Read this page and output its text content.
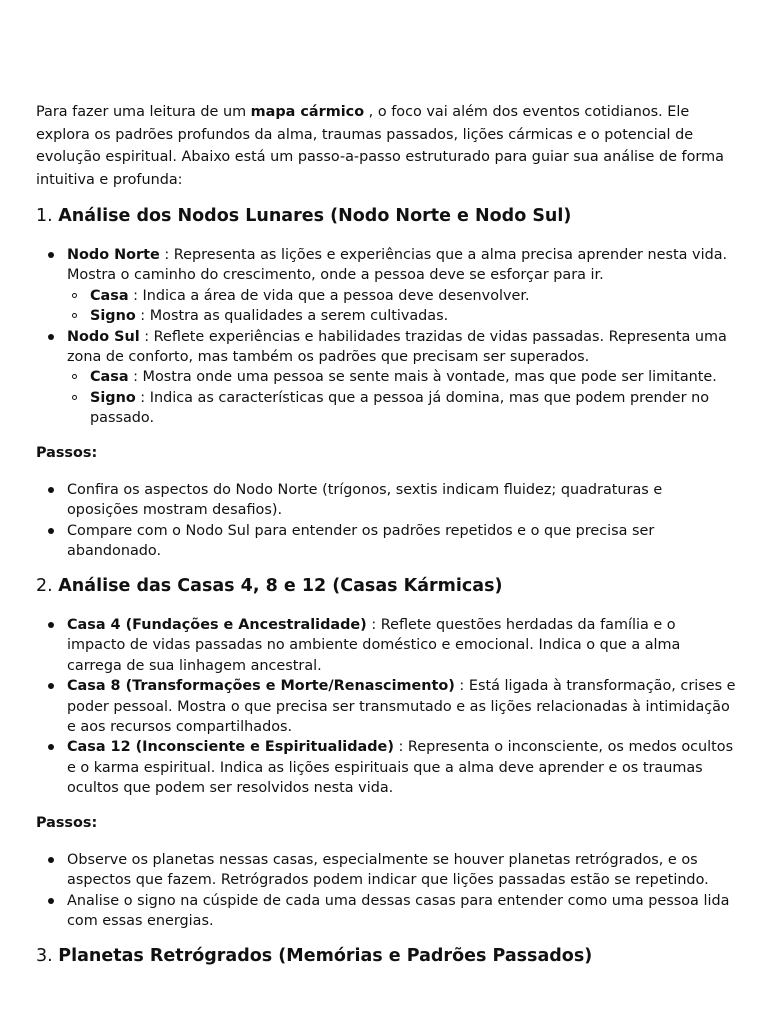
Para fazer uma leitura de um mapa cármico , o foco vai além dos eventos cotidianos. Ele explora os padrões profundos da alma, traumas passados, lições cármicas e o potencial de evolução espiritual. Abaixo está um passo-a-passo estruturado para guiar sua análise de forma intuitiva e profunda:

1. Análise dos Nodos Lunares (Nodo Norte e Nodo Sul)
Nodo Norte : Representa as lições e experiências que a alma precisa aprender nesta vida. Mostra o caminho do crescimento, onde a pessoa deve se esforçar para ir.
Casa : Indica a área de vida que a pessoa deve desenvolver.
Signo : Mostra as qualidades a serem cultivadas.
Nodo Sul : Reflete experiências e habilidades trazidas de vidas passadas. Representa uma zona de conforto, mas também os padrões que precisam ser superados.
Casa : Mostra onde uma pessoa se sente mais à vontade, mas que pode ser limitante.
Signo : Indica as características que a pessoa já domina, mas que podem prender no passado.

Passos:

Confira os aspectos do Nodo Norte (trígonos, sextis indicam fluidez; quadraturas e oposições mostram desafios).
Compare com o Nodo Sul para entender os padrões repetidos e o que precisa ser abandonado.
2. Análise das Casas 4, 8 e 12 (Casas Kármicas)
Casa 4 (Fundações e Ancestralidade) : Reflete questões herdadas da família e o impacto de vidas passadas no ambiente doméstico e emocional. Indica o que a alma carrega de sua linhagem ancestral.
Casa 8 (Transformações e Morte/Renascimento) : Está ligada à transformação, crises e poder pessoal. Mostra o que precisa ser transmutado e as lições relacionadas à intimidação e aos recursos compartilhados.
Casa 12 (Inconsciente e Espiritualidade) : Representa o inconsciente, os medos ocultos e o karma espiritual. Indica as lições espirituais que a alma deve aprender e os traumas ocultos que podem ser resolvidos nesta vida.

Passos:

Observe os planetas nessas casas, especialmente se houver planetas retrógrados, e os aspectos que fazem. Retrógrados podem indicar que lições passadas estão se repetindo.
Analise o signo na cúspide de cada uma dessas casas para entender como uma pessoa lida com essas energias.
3. Planetas Retrógrados (Memórias e Padrões Passados)
